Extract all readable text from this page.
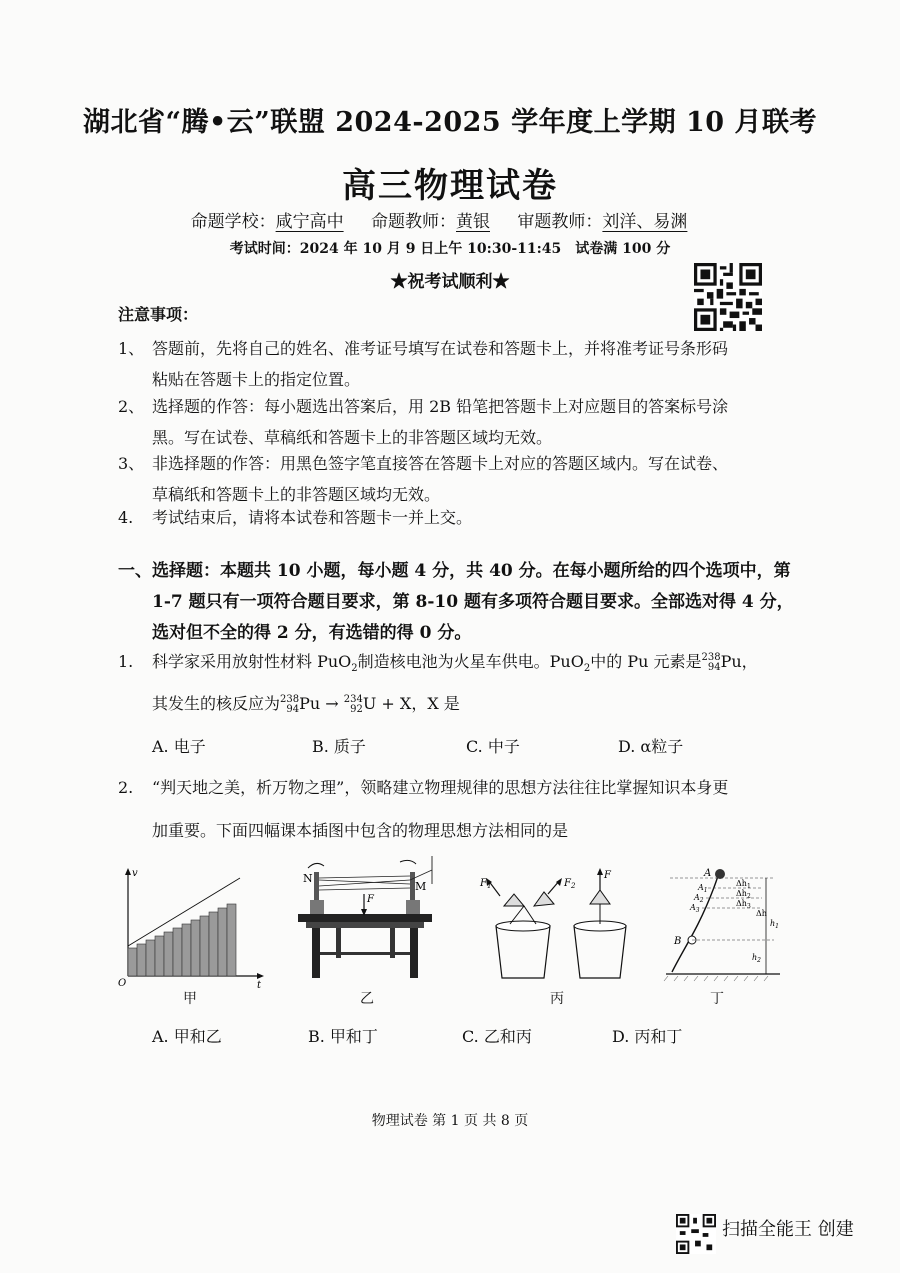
湖北省“腾•云”联盟 2024-2025 学年度上学期 10 月联考
高三物理试卷
命题学校：咸宁高中 命题教师：黄银 审题教师：刘洋、易渊
考试时间：2024 年 10 月 9 日上午 10:30-11:45　试卷满 100 分
★祝考试顺利★
注意事项：
1、 答题前，先将自己的姓名、准考证号填写在试卷和答题卡上，并将准考证号条形码
粘贴在答题卡上的指定位置。
2、 选择题的作答：每小题选出答案后，用 2B 铅笔把答题卡上对应题目的答案标号涂
黑。写在试卷、草稿纸和答题卡上的非答题区域均无效。
3、 非选择题的作答：用黑色签字笔直接答在答题卡上对应的答题区域内。写在试卷、
草稿纸和答题卡上的非答题区域均无效。
4. 考试结束后，请将本试卷和答题卡一并上交。
一、选择题：本题共 10 小题，每小题 4 分，共 40 分。在每小题所给的四个选项中，第
1-7 题只有一项符合题目要求，第 8-10 题有多项符合题目要求。全部选对得 4 分，
选对但不全的得 2 分，有选错的得 0 分。
1. 科学家采用放射性材料 PuO$_2$制造核电池为火星车供电。PuO$_2$中的 Pu 元素是 238
94 Pu，
其发生的核反应为 238
94 Pu → 234
92 U + X，X 是
A. 电子	B. 质子	C. 中子	D. α粒子
2. “判天地之美，析万物之理”，领略建立物理规律的思想方法往往比掌握知识本身更
加重要。下面四幅课本插图中包含的物理思想方法相同的是
v
t
O
甲
F
N
M
乙
$F_1$	$F_2$
F
丙
A
$A_1$
$A_2$
$A_3$
B
$\Delta h_1$
$\Delta h_2$
$\Delta h_3$
Δh
$h_1$
$h_2$
丁
A. 甲和乙	B. 甲和丁	C. 乙和丙	D. 丙和丁
物理试卷 第 1 页 共 8 页
扫描全能王 创建
